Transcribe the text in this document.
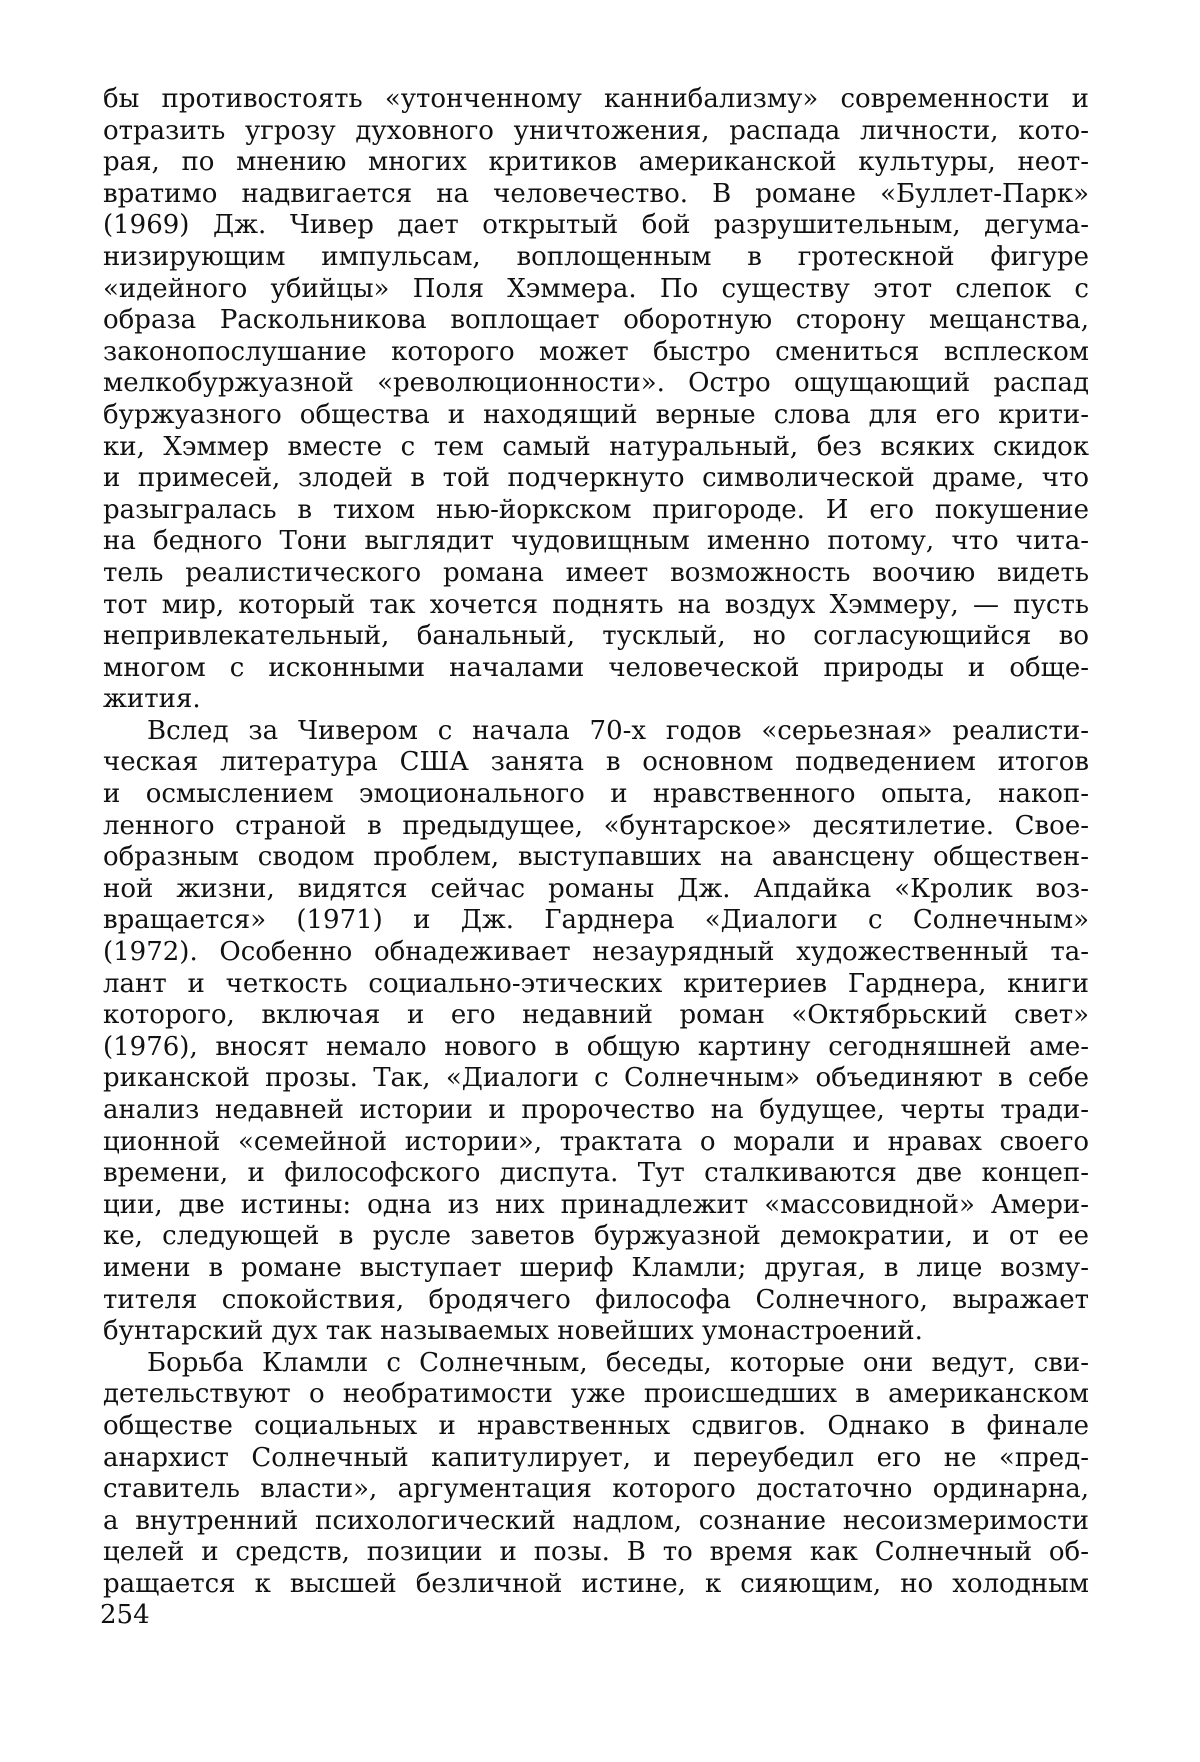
бы противостоять «утонченному каннибализму» современности и
отразить угрозу духовного уничтожения, распада личности, кото-
рая, по мнению многих критиков американской культуры, неот-
вратимо надвигается на человечество. В романе «Буллет-Парк»
(1969) Дж. Чивер дает открытый бой разрушительным, дегума-
низирующим импульсам, воплощенным в гротескной фигуре
«идейного убийцы» Поля Хэммера. По существу этот слепок с
образа Раскольникова воплощает оборотную сторону мещанства,
законопослушание которого может быстро смениться всплеском
мелкобуржуазной «революционности». Остро ощущающий распад
буржуазного общества и находящий верные слова для его крити-
ки, Хэммер вместе с тем самый натуральный, без всяких скидок
и примесей, злодей в той подчеркнуто символической драме, что
разыгралась в тихом нью-йоркском пригороде. И его покушение
на бедного Тони выглядит чудовищным именно потому, что чита-
тель реалистического романа имеет возможность воочию видеть
тот мир, который так хочется поднять на воздух Хэммеру, — пусть
непривлекательный, банальный, тусклый, но согласующийся во
многом с исконными началами человеческой природы и обще-
жития.
Вслед за Чивером с начала 70-х годов «серьезная» реалисти-
ческая литература США занята в основном подведением итогов
и осмыслением эмоционального и нравственного опыта, накоп-
ленного страной в предыдущее, «бунтарское» десятилетие. Свое-
образным сводом проблем, выступавших на авансцену обществен-
ной жизни, видятся сейчас романы Дж. Апдайка «Кролик воз-
вращается» (1971) и Дж. Гарднера «Диалоги с Солнечным»
(1972). Особенно обнадеживает незаурядный художественный та-
лант и четкость социально-этических критериев Гарднера, книги
которого, включая и его недавний роман «Октябрьский свет»
(1976), вносят немало нового в общую картину сегодняшней аме-
риканской прозы. Так, «Диалоги с Солнечным» объединяют в себе
анализ недавней истории и пророчество на будущее, черты тради-
ционной «семейной истории», трактата о морали и нравах своего
времени, и философского диспута. Тут сталкиваются две концеп-
ции, две истины: одна из них принадлежит «массовидной» Амери-
ке, следующей в русле заветов буржуазной демократии, и от ее
имени в романе выступает шериф Кламли; другая, в лице возму-
тителя спокойствия, бродячего философа Солнечного, выражает
бунтарский дух так называемых новейших умонастроений.
Борьба Кламли с Солнечным, беседы, которые они ведут, сви-
детельствуют о необратимости уже происшедших в американском
обществе социальных и нравственных сдвигов. Однако в финале
анархист Солнечный капитулирует, и переубедил его не «пред-
ставитель власти», аргументация которого достаточно ординарна,
а внутренний психологический надлом, сознание несоизмеримости
целей и средств, позиции и позы. В то время как Солнечный об-
ращается к высшей безличной истине, к сияющим, но холодным
254
